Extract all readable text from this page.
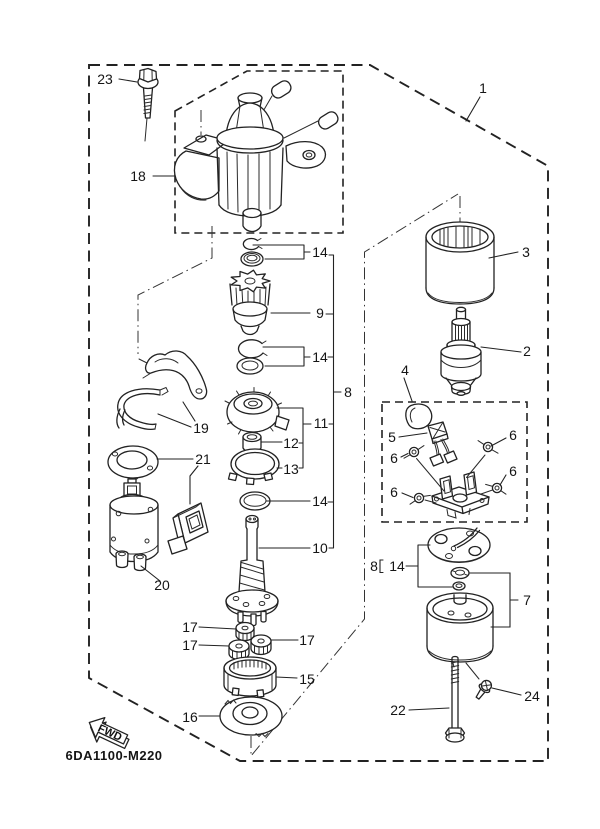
23
18
1
3
2
4
5	6
6
6
6
14
9
14
8
11
12
13
14
10
8 14
7
17
17	17
15
16
19
21
20
22
24
FWD
6DA1100-M220
